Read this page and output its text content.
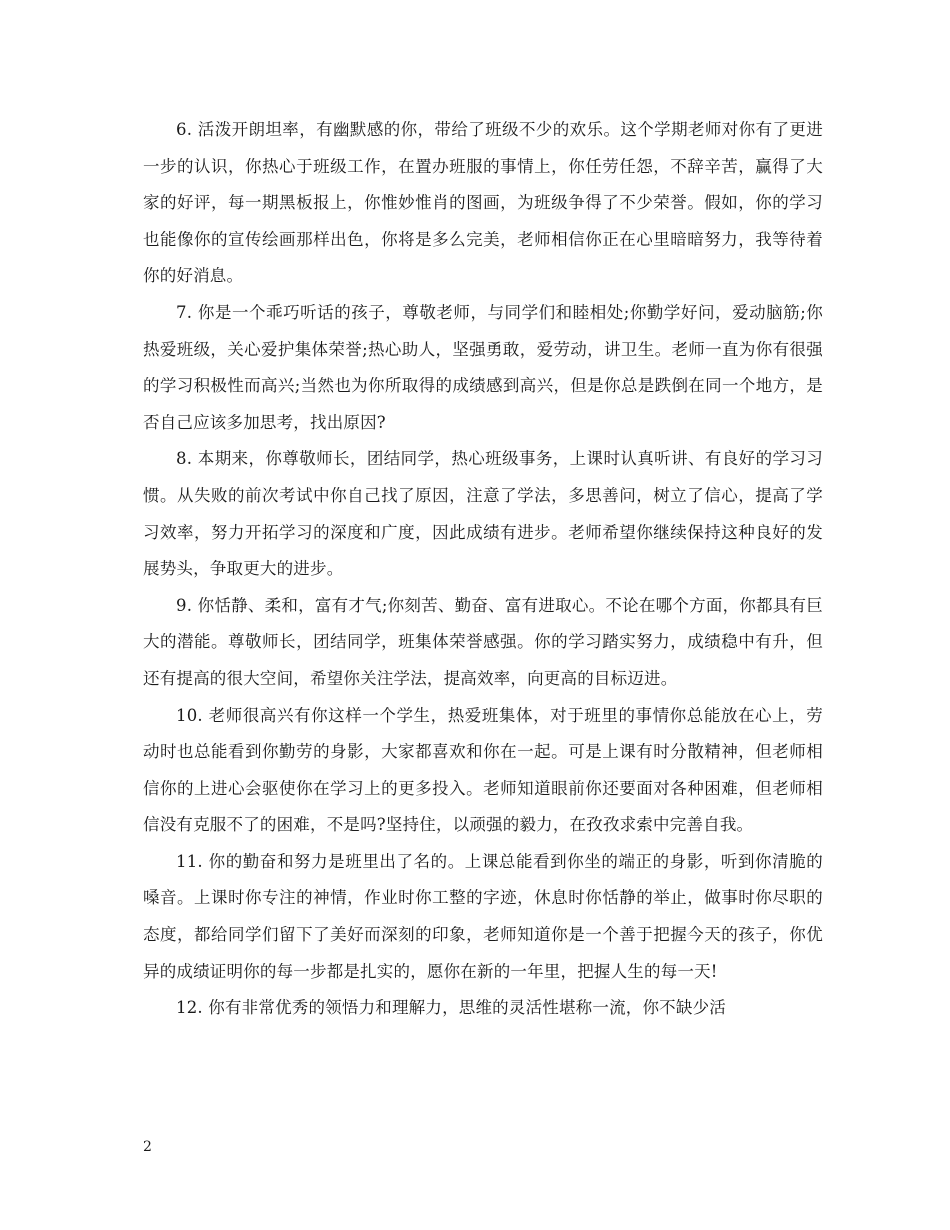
6. 活泼开朗坦率，有幽默感的你，带给了班级不少的欢乐。这个学期老师对你有了更进一步的认识，你热心于班级工作，在置办班服的事情上，你任劳任怨，不辞辛苦，赢得了大家的好评，每一期黑板报上，你惟妙惟肖的图画，为班级争得了不少荣誉。假如，你的学习也能像你的宣传绘画那样出色，你将是多么完美，老师相信你正在心里暗暗努力，我等待着你的好消息。

7. 你是一个乖巧听话的孩子，尊敬老师，与同学们和睦相处;你勤学好问，爱动脑筋;你热爱班级，关心爱护集体荣誉;热心助人，坚强勇敢，爱劳动，讲卫生。老师一直为你有很强的学习积极性而高兴;当然也为你所取得的成绩感到高兴，但是你总是跌倒在同一个地方，是否自己应该多加思考，找出原因?

8. 本期来，你尊敬师长，团结同学，热心班级事务，上课时认真听讲、有良好的学习习惯。从失败的前次考试中你自己找了原因，注意了学法，多思善问，树立了信心，提高了学习效率，努力开拓学习的深度和广度，因此成绩有进步。老师希望你继续保持这种良好的发展势头，争取更大的进步。

9. 你恬静、柔和，富有才气;你刻苦、勤奋、富有进取心。不论在哪个方面，你都具有巨大的潜能。尊敬师长，团结同学，班集体荣誉感强。你的学习踏实努力，成绩稳中有升，但还有提高的很大空间，希望你关注学法，提高效率，向更高的目标迈进。

10. 老师很高兴有你这样一个学生，热爱班集体，对于班里的事情你总能放在心上，劳动时也总能看到你勤劳的身影，大家都喜欢和你在一起。可是上课有时分散精神，但老师相信你的上进心会驱使你在学习上的更多投入。老师知道眼前你还要面对各种困难，但老师相信没有克服不了的困难，不是吗?坚持住，以顽强的毅力，在孜孜求索中完善自我。

11. 你的勤奋和努力是班里出了名的。上课总能看到你坐的端正的身影，听到你清脆的嗓音。上课时你专注的神情，作业时你工整的字迹，休息时你恬静的举止，做事时你尽职的态度，都给同学们留下了美好而深刻的印象，老师知道你是一个善于把握今天的孩子，你优异的成绩证明你的每一步都是扎实的，愿你在新的一年里，把握人生的每一天!

12. 你有非常优秀的领悟力和理解力，思维的灵活性堪称一流，你不缺少活

2
